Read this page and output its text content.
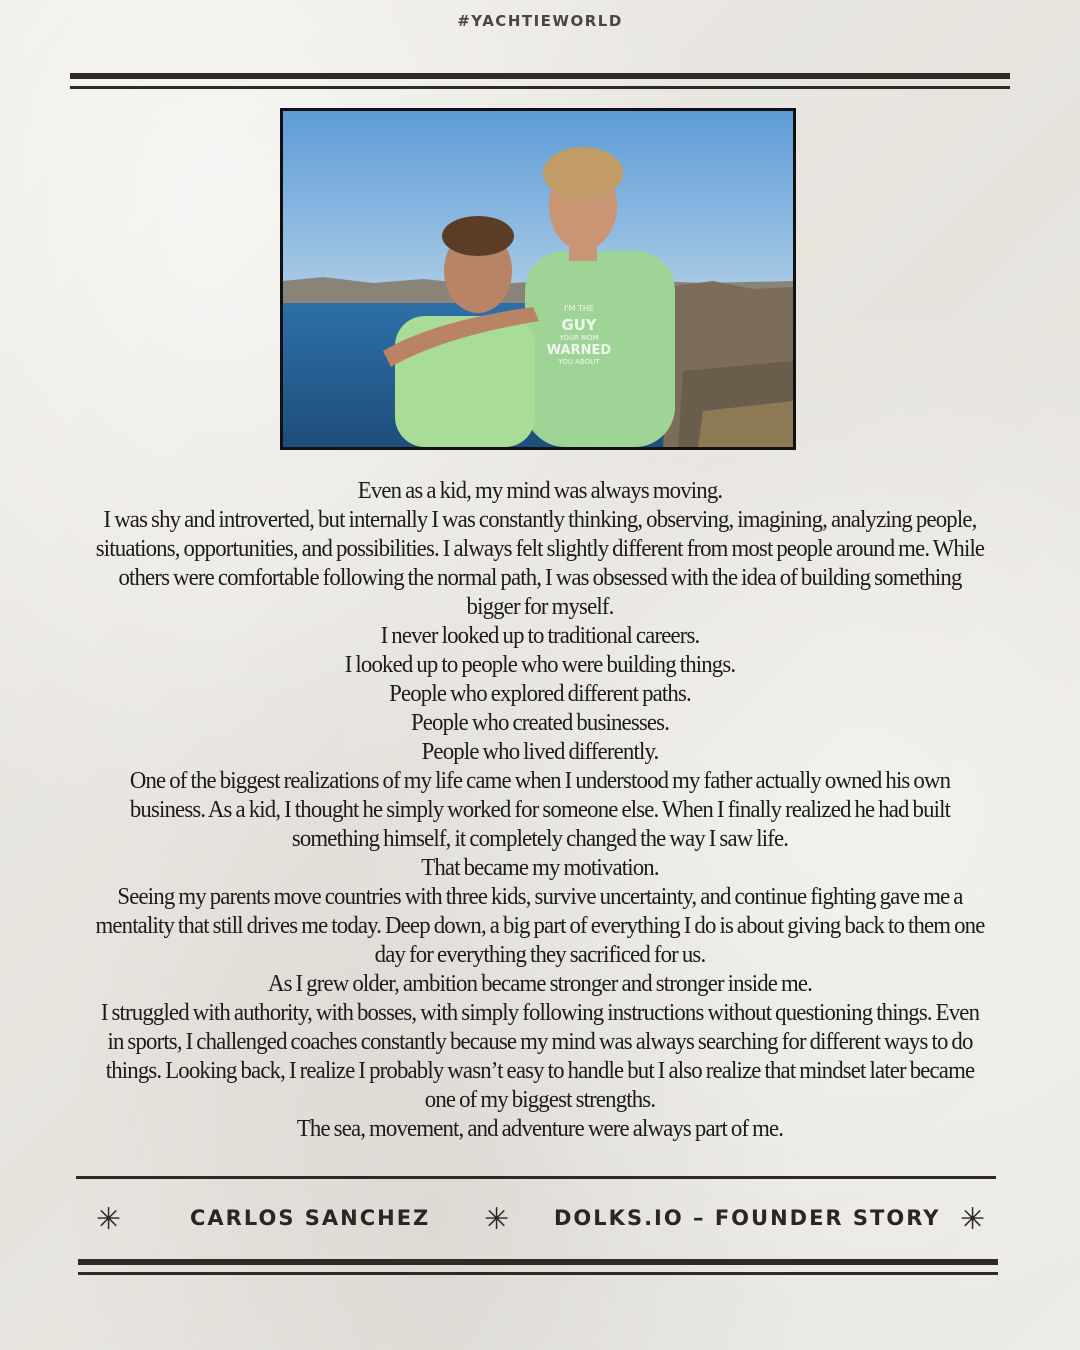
#YACHTIEWORLD
I'M THE
GUY
YOUR MOM
WARNED
YOU ABOUT

Even as a kid, my mind was always moving.

I was shy and introverted, but internally I was constantly thinking, observing, imagining, analyzing people, situations, opportunities, and possibilities. I always felt slightly different from most people around me. While others were comfortable following the normal path, I was obsessed with the idea of building something bigger for myself.

I never looked up to traditional careers.

I looked up to people who were building things.

People who explored different paths.

People who created businesses.

People who lived differently.

One of the biggest realizations of my life came when I understood my father actually owned his own business. As a kid, I thought he simply worked for someone else. When I finally realized he had built something himself, it completely changed the way I saw life.

That became my motivation.

Seeing my parents move countries with three kids, survive uncertainty, and continue fighting gave me a mentality that still drives me today. Deep down, a big part of everything I do is about giving back to them one day for everything they sacrificed for us.

As I grew older, ambition became stronger and stronger inside me.

I struggled with authority, with bosses, with simply following instructions without questioning things. Even in sports, I challenged coaches constantly because my mind was always searching for different ways to do things. Looking back, I realize I probably wasn’t easy to handle but I also realize that mindset later became one of my biggest strengths.

The sea, movement, and adventure were always part of me.

✳	CARLOS SANCHEZ ✳ DOLKS.IO – FOUNDER STORY ✳
